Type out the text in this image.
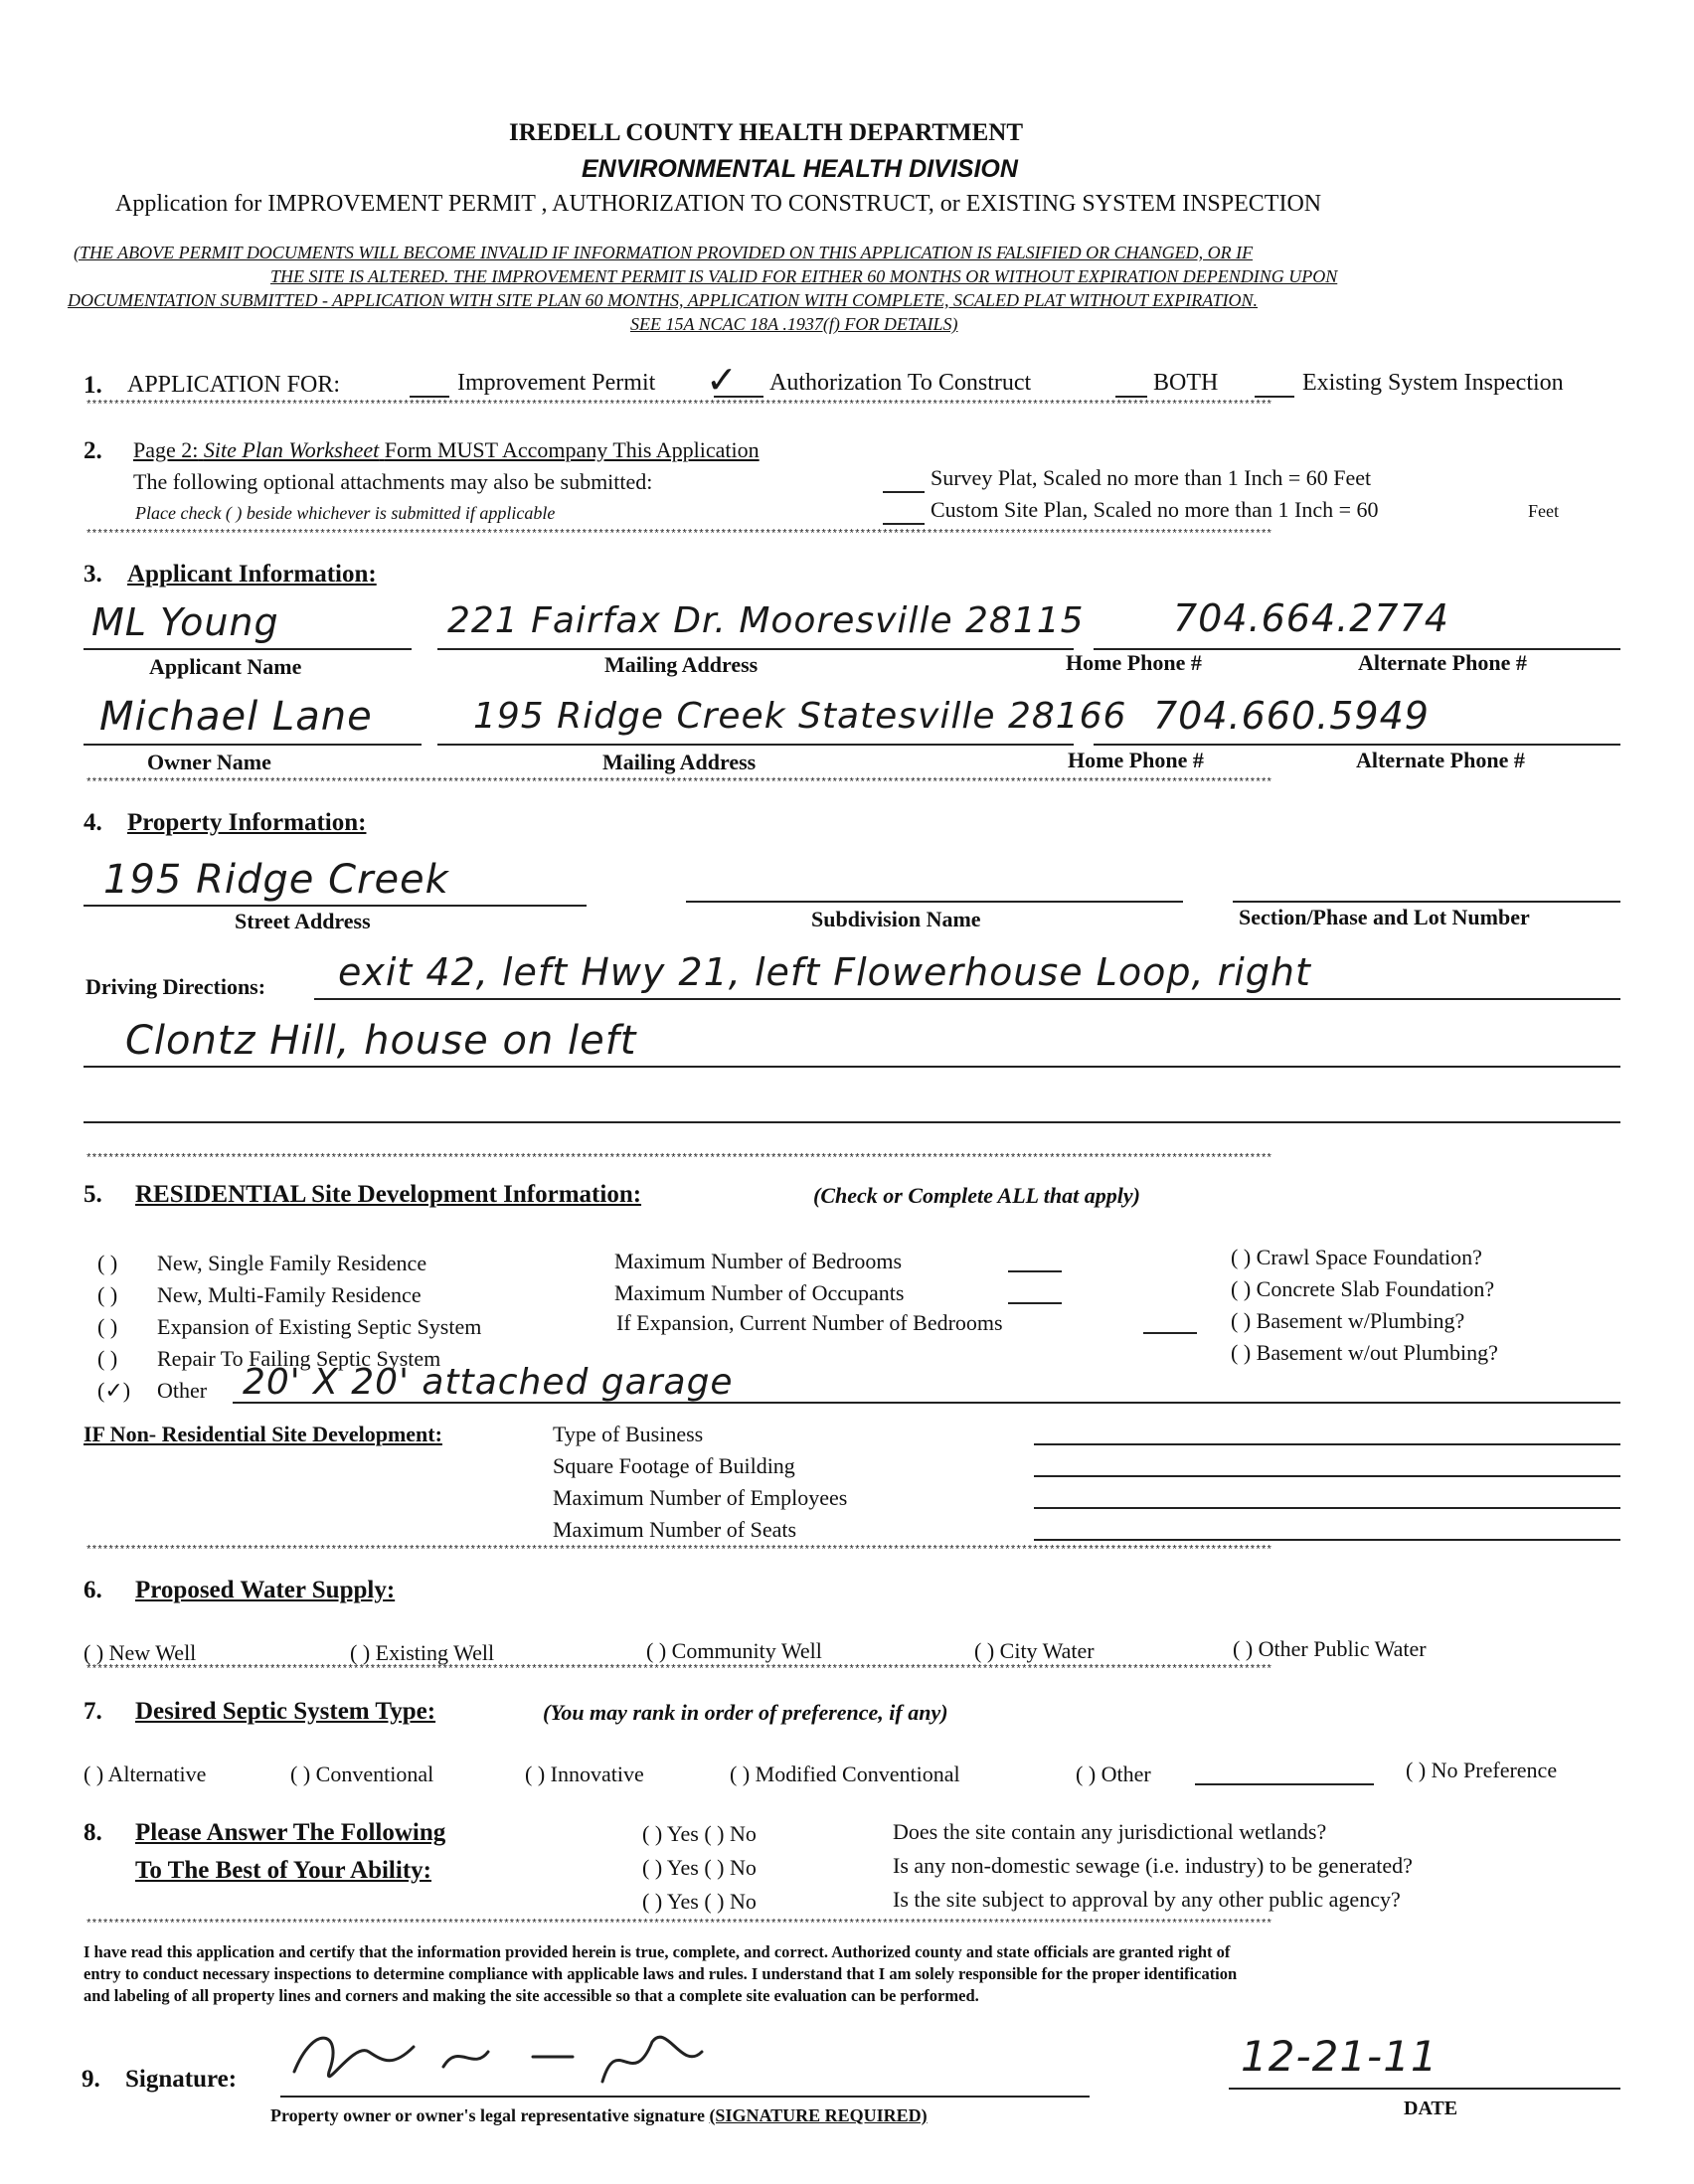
IREDELL COUNTY HEALTH DEPARTMENT
ENVIRONMENTAL HEALTH DIVISION
Application for IMPROVEMENT PERMIT , AUTHORIZATION TO CONSTRUCT, or EXISTING SYSTEM INSPECTION
(THE ABOVE PERMIT DOCUMENTS WILL BECOME INVALID IF INFORMATION PROVIDED ON THIS APPLICATION IS FALSIFIED OR CHANGED, OR IF
THE SITE IS ALTERED. THE IMPROVEMENT PERMIT IS VALID FOR EITHER 60 MONTHS OR WITHOUT EXPIRATION DEPENDING UPON
DOCUMENTATION SUBMITTED - APPLICATION WITH SITE PLAN 60 MONTHS, APPLICATION WITH COMPLETE, SCALED PLAT WITHOUT EXPIRATION.
SEE 15A NCAC 18A .1937(f) FOR DETAILS)
1. APPLICATION FOR:	Improvement Permit ✓ Authorization To Construct	BOTH	Existing System Inspection
*********************************************************************************************************************************************************************************************************************
2. Page 2: Site Plan Worksheet Form MUST Accompany This Application
The following optional attachments may also be submitted:
Place check ( ) beside whichever is submitted if applicable
Survey Plat, Scaled no more than 1 Inch = 60 Feet
Custom Site Plan, Scaled no more than 1 Inch = 60	Feet
*********************************************************************************************************************************************************************************************************************
3. Applicant Information:
ML Young	221 Fairfax Dr. Mooresville 28115 704.664.2774
Applicant Name	Mailing Address	Home Phone #	Alternate Phone #
Michael Lane	195 Ridge Creek Statesville 28166 704.660.5949
Owner Name	Mailing Address	Home Phone #	Alternate Phone #
*********************************************************************************************************************************************************************************************************************
4. Property Information:
195 Ridge Creek
Street Address	Subdivision Name	Section/Phase and Lot Number
Driving Directions: exit 42, left Hwy 21, left Flowerhouse Loop, right
Clontz Hill, house on left
*********************************************************************************************************************************************************************************************************************
5. RESIDENTIAL Site Development Information:	(Check or Complete ALL that apply)
( ) New, Single Family Residence
( ) New, Multi-Family Residence
( ) Expansion of Existing Septic System
( ) Repair To Failing Septic System
(✓) Other 20' X 20' attached garage
Maximum Number of Bedrooms
Maximum Number of Occupants
If Expansion, Current Number of Bedrooms
( ) Crawl Space Foundation?
( ) Concrete Slab Foundation?
( ) Basement w/Plumbing?
( ) Basement w/out Plumbing?
IF Non- Residential Site Development:	Type of Business
Square Footage of Building
Maximum Number of Employees
Maximum Number of Seats
*********************************************************************************************************************************************************************************************************************
6. Proposed Water Supply:
( ) New Well	( ) Existing Well	( ) Community Well	( ) City Water	( ) Other Public Water
*********************************************************************************************************************************************************************************************************************
7. Desired Septic System Type:	(You may rank in order of preference, if any)
( ) Alternative	( ) Conventional	( ) Innovative	( ) Modified Conventional	( ) Other	( ) No Preference
8. Please Answer The Following
To The Best of Your Ability:
( ) Yes ( ) No	Does the site contain any jurisdictional wetlands?
( ) Yes ( ) No	Is any non-domestic sewage (i.e. industry) to be generated?
( ) Yes ( ) No	Is the site subject to approval by any other public agency?
*********************************************************************************************************************************************************************************************************************
I have read this application and certify that the information provided herein is true, complete, and correct. Authorized county and state officials are granted right of
entry to conduct necessary inspections to determine compliance with applicable laws and rules. I understand that I am solely responsible for the proper identification
and labeling of all property lines and corners and making the site accessible so that a complete site evaluation can be performed.
9. Signature:
Property owner or owner's legal representative signature (SIGNATURE REQUIRED)
12-21-11
DATE
